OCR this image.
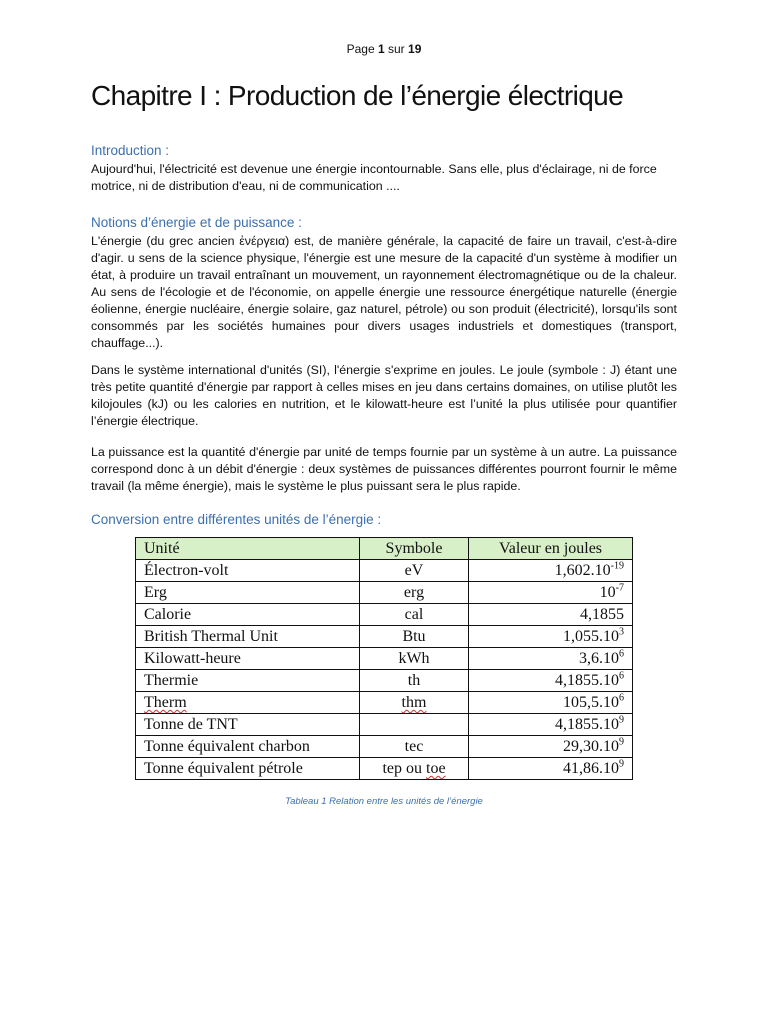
Page 1 sur 19
Chapitre I : Production de l’énergie électrique
Introduction :
Aujourd'hui, l'électricité est devenue une énergie incontournable. Sans elle, plus d'éclairage, ni de force motrice, ni de distribution d'eau, ni de communication ....
Notions d’énergie et de puissance :
L'énergie (du grec ancien ἐνέργεια) est, de manière générale, la capacité de faire un travail, c'est-à-dire d'agir. u sens de la science physique, l'énergie est une mesure de la capacité d'un système à modifier un état, à produire un travail entraînant un mouvement, un rayonnement électromagnétique ou de la chaleur. Au sens de l'écologie et de l'économie, on appelle énergie une ressource énergétique naturelle (énergie éolienne, énergie nucléaire, énergie solaire, gaz naturel, pétrole) ou son produit (électricité), lorsqu'ils sont consommés par les sociétés humaines pour divers usages industriels et domestiques (transport, chauffage...).
Dans le système international d'unités (SI), l'énergie s'exprime en joules. Le joule (symbole : J) étant une très petite quantité d'énergie par rapport à celles mises en jeu dans certains domaines, on utilise plutôt les kilojoules (kJ) ou les calories en nutrition, et le kilowatt-heure est l’unité la plus utilisée pour quantifier l’énergie électrique.
La puissance est la quantité d'énergie par unité de temps fournie par un système à un autre. La puissance correspond donc à un débit d'énergie : deux systèmes de puissances différentes pourront fournir le même travail (la même énergie), mais le système le plus puissant sera le plus rapide.
Conversion entre différentes unités de l’énergie :
Unité	Symbole	Valeur en joules
Électron-volt	eV	$1,602.10^{-19}$
Erg	erg	$10^{-7}$
Calorie	cal	4,1855
British Thermal Unit	Btu	1,055.10$^3$
Kilowatt-heure	kWh	3,6.10$^6$
Thermie	th	4,1855.10$^6$
Therm	thm	105,5.10$^6$
Tonne de TNT		4,1855.10$^9$
Tonne équivalent charbon	tec	29,30.10$^9$
Tonne équivalent pétrole	tep ou toe	41,86.10$^9$
Tableau 1 Relation entre les unités de l’énergie
